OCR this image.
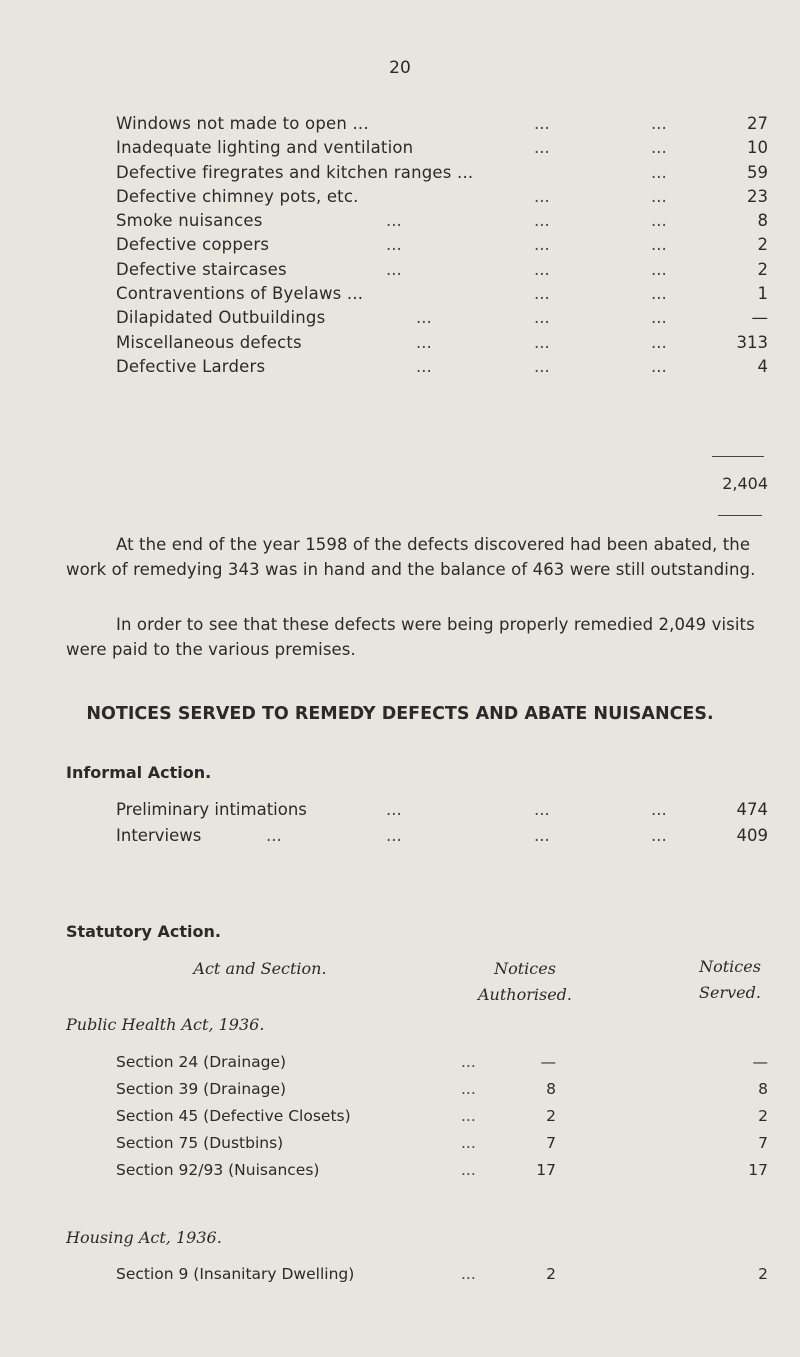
20
Windows not made to open ...	...	...	27
Inadequate lighting and ventilation	...	...	10
Defective firegrates and kitchen ranges ...	...	59
Defective chimney pots, etc.	...	...	23
Smoke nuisances	...	...	...	8
Defective coppers	...	...	...	2
Defective staircases	...	...	...	2
Contraventions of Byelaws ...	...	...	1
Dilapidated Outbuildings	...	...	...	—
Miscellaneous defects	...	...	...	313
Defective Larders	...	...	...	4
2,404
At the end of the year 1598 of the defects discovered had been abated, the work of remedying 343 was in hand and the balance of 463 were still outstanding.
In order to see that these defects were being properly remedied 2,049 visits were paid to the various premises.
NOTICES SERVED TO REMEDY DEFECTS AND ABATE NUISANCES.
Informal Action.
Preliminary intimations	...	...	...	474
Interviews	...	...	...	...	409
Statutory Action.
Act and Section.	Notices
Authorised.
Notices
Served.
Public Health Act, 1936.
Section 24 (Drainage)	...	—	—
Section 39 (Drainage)	...	8	8
Section 45 (Defective Closets)	...	2	2
Section 75 (Dustbins)	...	7	7
Section 92/93 (Nuisances)	...	17	17
Housing Act, 1936.
Section 9 (Insanitary Dwelling)	...	2	2
